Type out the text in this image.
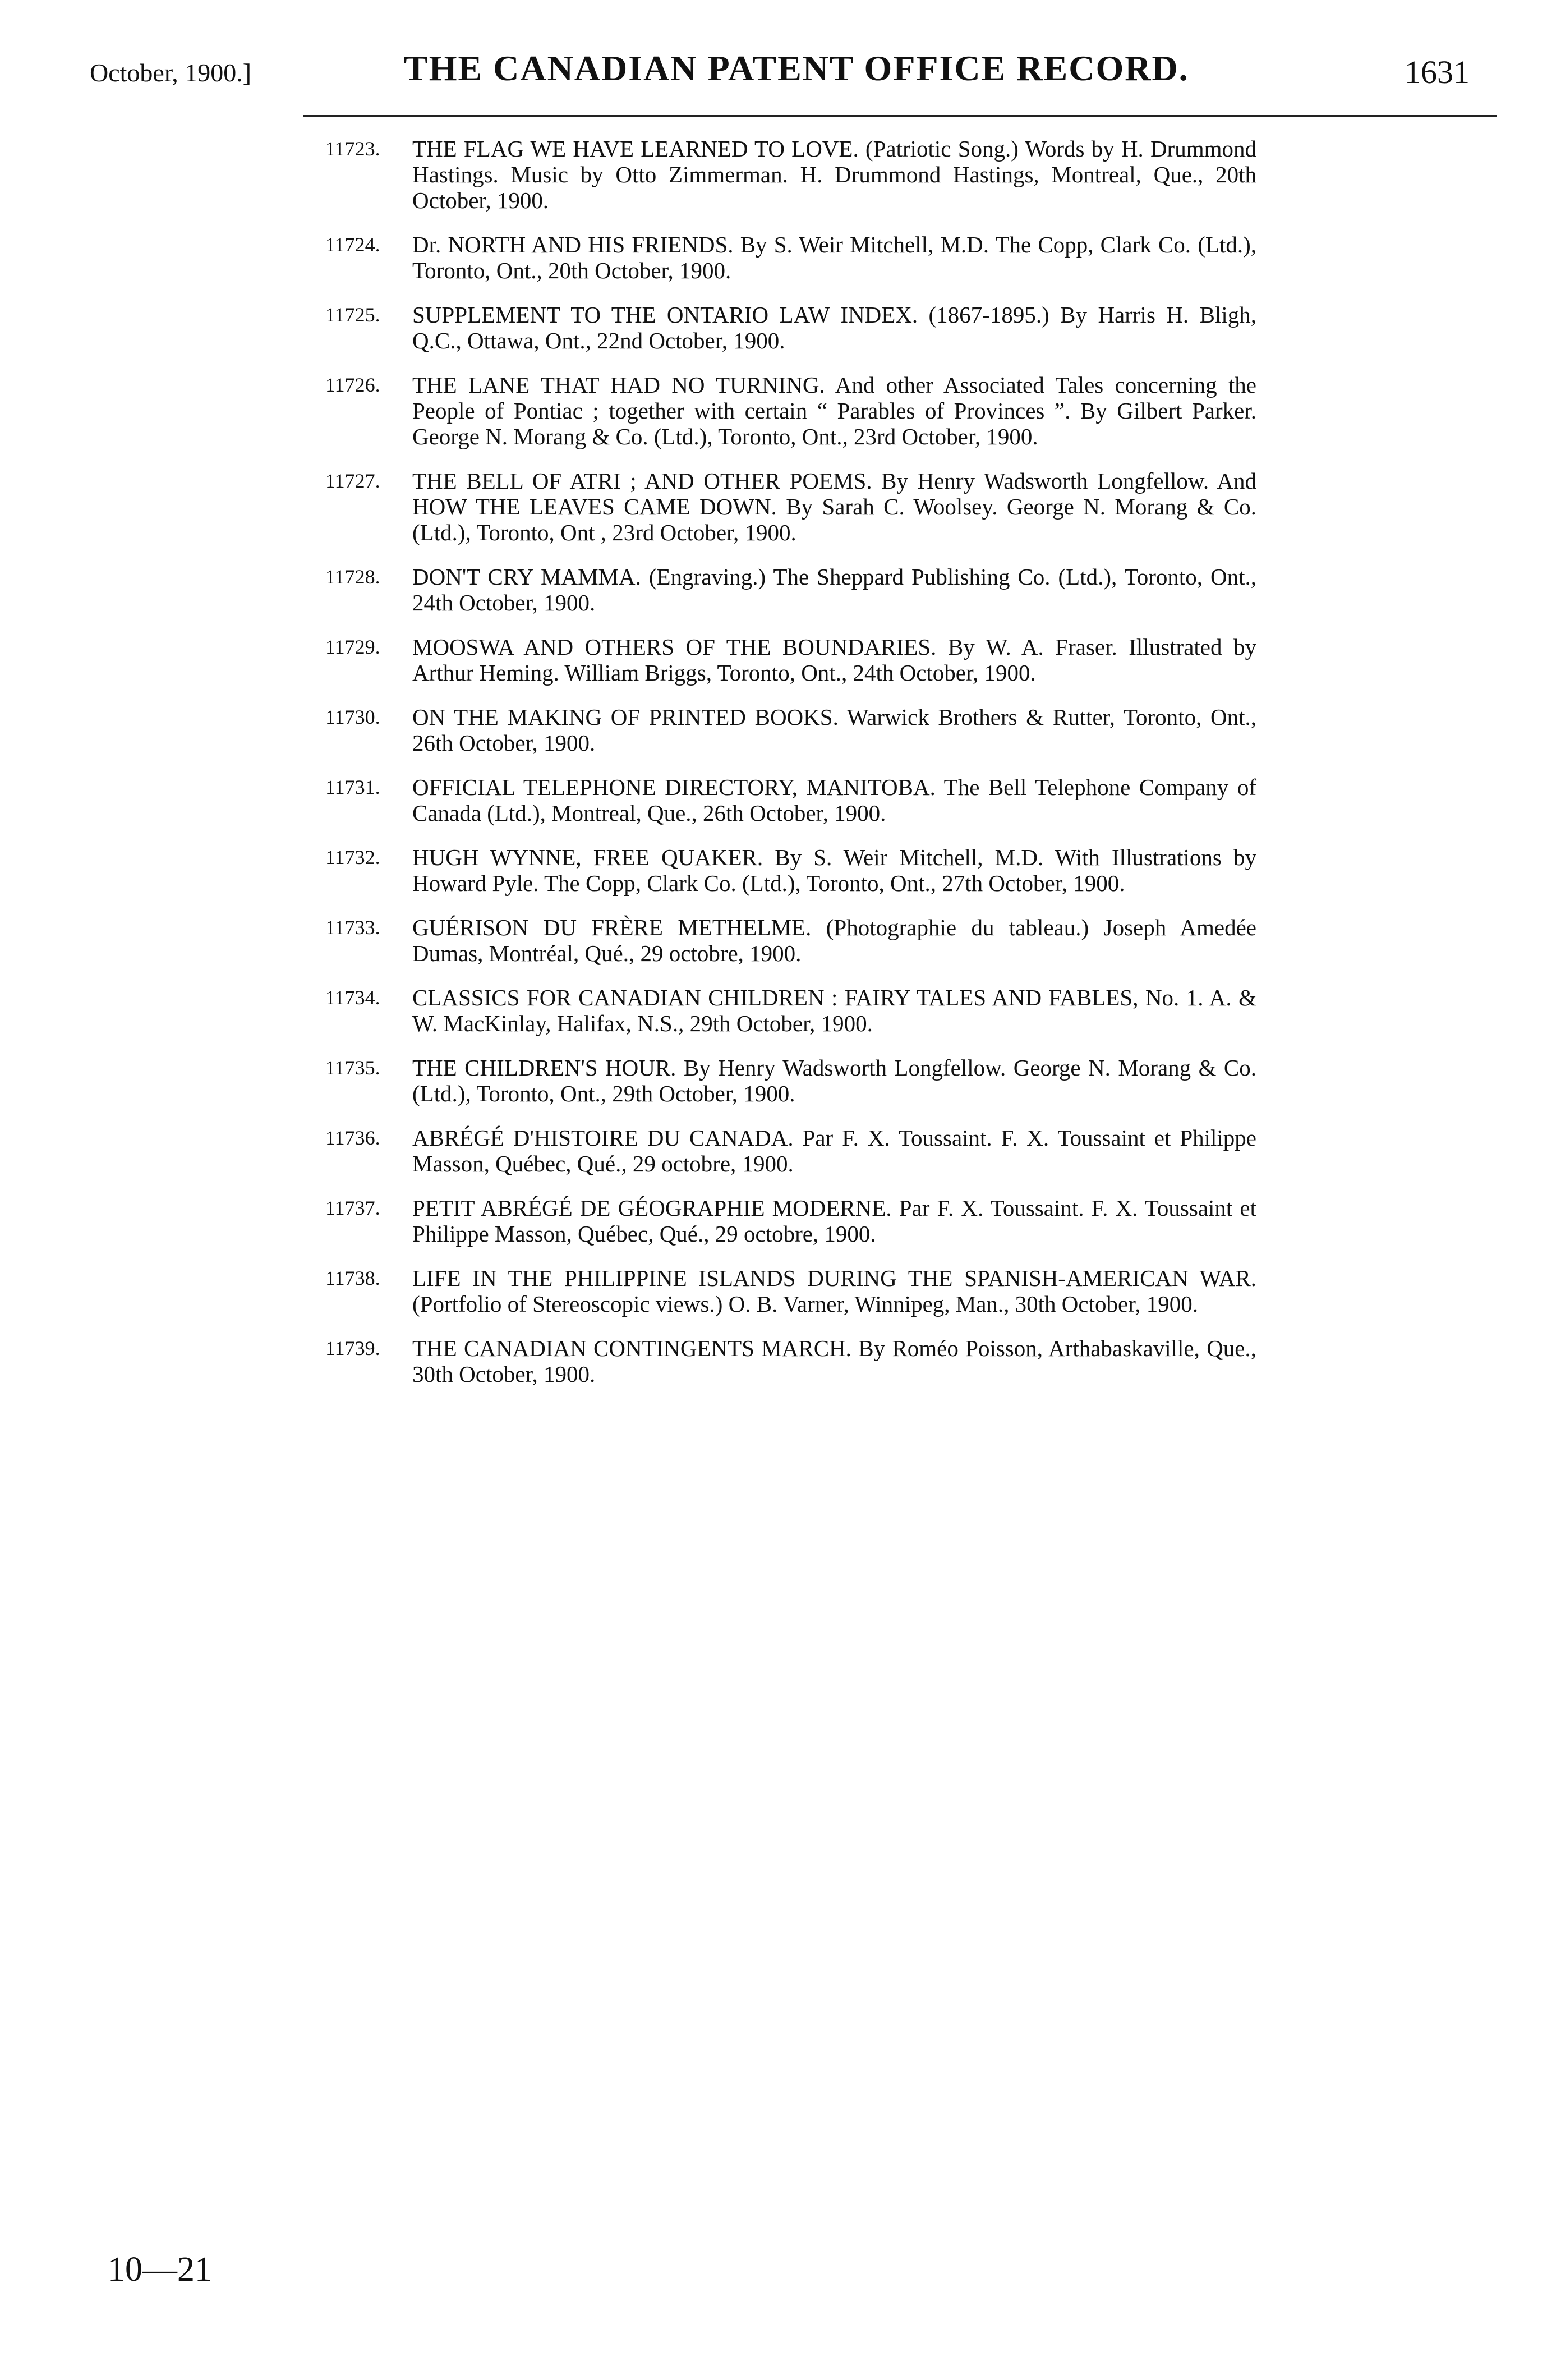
October, 1900.]	THE CANADIAN PATENT OFFICE RECORD.	1631
11723. THE FLAG WE HAVE LEARNED TO LOVE. (Patriotic Song.) Words by H. Drummond Hastings. Music by Otto Zimmerman. H. Drummond Hastings, Montreal, Que., 20th October, 1900.
11724. Dr. NORTH AND HIS FRIENDS. By S. Weir Mitchell, M.D. The Copp, Clark Co. (Ltd.), Toronto, Ont., 20th October, 1900.
11725. SUPPLEMENT TO THE ONTARIO LAW INDEX. (1867-1895.) By Harris H. Bligh, Q.C., Ottawa, Ont., 22nd October, 1900.
11726. THE LANE THAT HAD NO TURNING. And other Associated Tales concerning the People of Pontiac ; together with certain “ Parables of Provinces ”. By Gilbert Parker. George N. Morang & Co. (Ltd.), Toronto, Ont., 23rd October, 1900.
11727. THE BELL OF ATRI ; AND OTHER POEMS. By Henry Wadsworth Longfellow. And HOW THE LEAVES CAME DOWN. By Sarah C. Woolsey. George N. Morang & Co. (Ltd.), Toronto, Ont , 23rd October, 1900.
11728. DON'T CRY MAMMA. (Engraving.) The Sheppard Publishing Co. (Ltd.), Toronto, Ont., 24th October, 1900.
11729. MOOSWA AND OTHERS OF THE BOUNDARIES. By W. A. Fraser. Illustrated by Arthur Heming. William Briggs, Toronto, Ont., 24th October, 1900.
11730. ON THE MAKING OF PRINTED BOOKS. Warwick Brothers & Rutter, Toronto, Ont., 26th October, 1900.
11731. OFFICIAL TELEPHONE DIRECTORY, MANITOBA. The Bell Telephone Company of Canada (Ltd.), Montreal, Que., 26th October, 1900.
11732. HUGH WYNNE, FREE QUAKER. By S. Weir Mitchell, M.D. With Illustrations by Howard Pyle. The Copp, Clark Co. (Ltd.), Toronto, Ont., 27th October, 1900.
11733. GUÉRISON DU FRÈRE METHELME. (Photographie du tableau.) Joseph Amedée Dumas, Montréal, Qué., 29 octobre, 1900.
11734. CLASSICS FOR CANADIAN CHILDREN : FAIRY TALES AND FABLES, No. 1. A. & W. MacKinlay, Halifax, N.S., 29th October, 1900.
11735. THE CHILDREN'S HOUR. By Henry Wadsworth Longfellow. George N. Morang & Co. (Ltd.), Toronto, Ont., 29th October, 1900.
11736. ABRÉGÉ D'HISTOIRE DU CANADA. Par F. X. Toussaint. F. X. Toussaint et Philippe Masson, Québec, Qué., 29 octobre, 1900.
11737. PETIT ABRÉGÉ DE GÉOGRAPHIE MODERNE. Par F. X. Toussaint. F. X. Toussaint et Philippe Masson, Québec, Qué., 29 octobre, 1900.
11738. LIFE IN THE PHILIPPINE ISLANDS DURING THE SPANISH-AMERICAN WAR. (Portfolio of Stereoscopic views.) O. B. Varner, Winnipeg, Man., 30th October, 1900.
11739. THE CANADIAN CONTINGENTS MARCH. By Roméo Poisson, Arthabaskaville, Que., 30th October, 1900.
10—21
